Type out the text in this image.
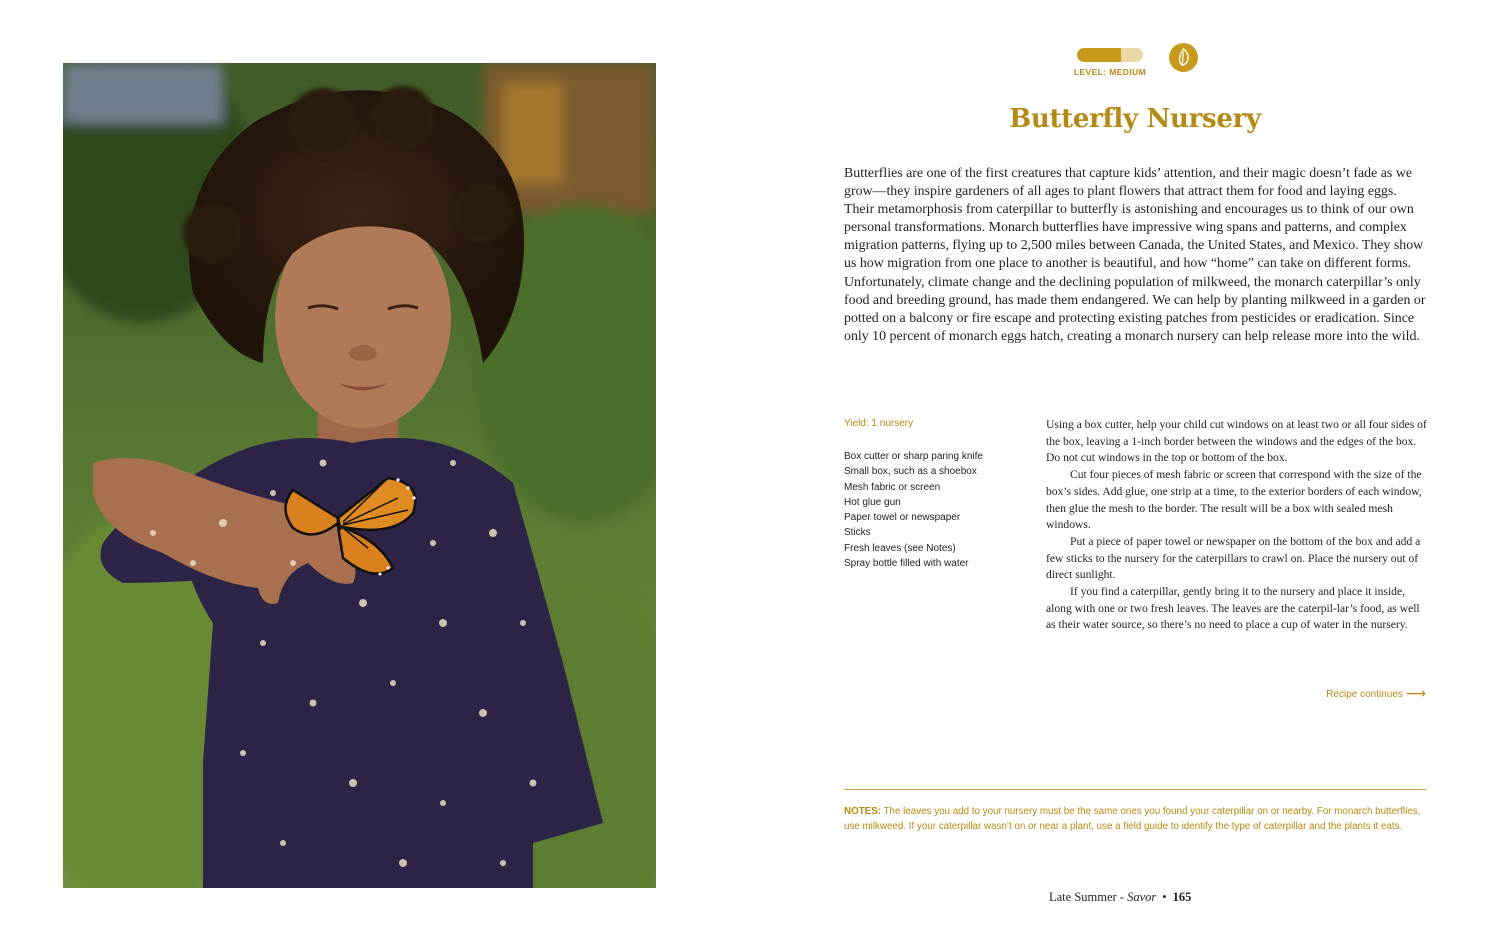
LEVEL: MEDIUM
Butterfly Nursery

Butterflies are one of the first creatures that capture kids’ attention, and their magic doesn’t fade as we grow—they inspire gardeners of all ages to plant flowers that attract them for food and laying eggs. Their metamorphosis from caterpillar to butterfly is astonishing and encourages us to think of our own personal transformations. Monarch butterflies have impressive wing spans and patterns, and complex migration patterns, flying up to 2,500 miles between Canada, the United States, and Mexico. They show us how migration from one place to another is beautiful, and how “home” can take on different forms. Unfortunately, climate change and the declining population of milkweed, the monarch caterpillar’s only food and breeding ground, has made them endangered. We can help by planting milkweed in a garden or potted on a balcony or fire escape and protecting existing patches from pesticides or eradication. Since only 10 percent of monarch eggs hatch, creating a monarch nursery can help release more into the wild.

Yield: 1 nursery

Box cutter or sharp paring knife
Small box, such as a shoebox
Mesh fabric or screen
Hot glue gun
Paper towel or newspaper
Sticks
Fresh leaves (see Notes)
Spray bottle filled with water

Using a box cutter, help your child cut windows on at least two or all four sides of the box, leaving a 1-inch border between the windows and the edges of the box. Do not cut windows in the top or bottom of the box.

Cut four pieces of mesh fabric or screen that correspond with the size of the box’s sides. Add glue, one strip at a time, to the exterior borders of each window, then glue the mesh to the border. The result will be a box with sealed mesh windows.

Put a piece of paper towel or newspaper on the bottom of the box and add a few sticks to the nursery for the caterpillars to crawl on. Place the nursery out of direct sunlight.

If you find a caterpillar, gently bring it to the nursery and place it inside, along with one or two fresh leaves. The leaves are the caterpil-lar’s food, as well as their water source, so there’s no need to place a cup of water in the nursery.

Recipe continues ⟶

NOTES: The leaves you add to your nursery must be the same ones you found your caterpillar on or nearby. For monarch butterflies, use milkweed. If your caterpillar wasn’t on or near a plant, use a field guide to identify the type of caterpillar and the plants it eats.

Late Summer - Savor • 165
